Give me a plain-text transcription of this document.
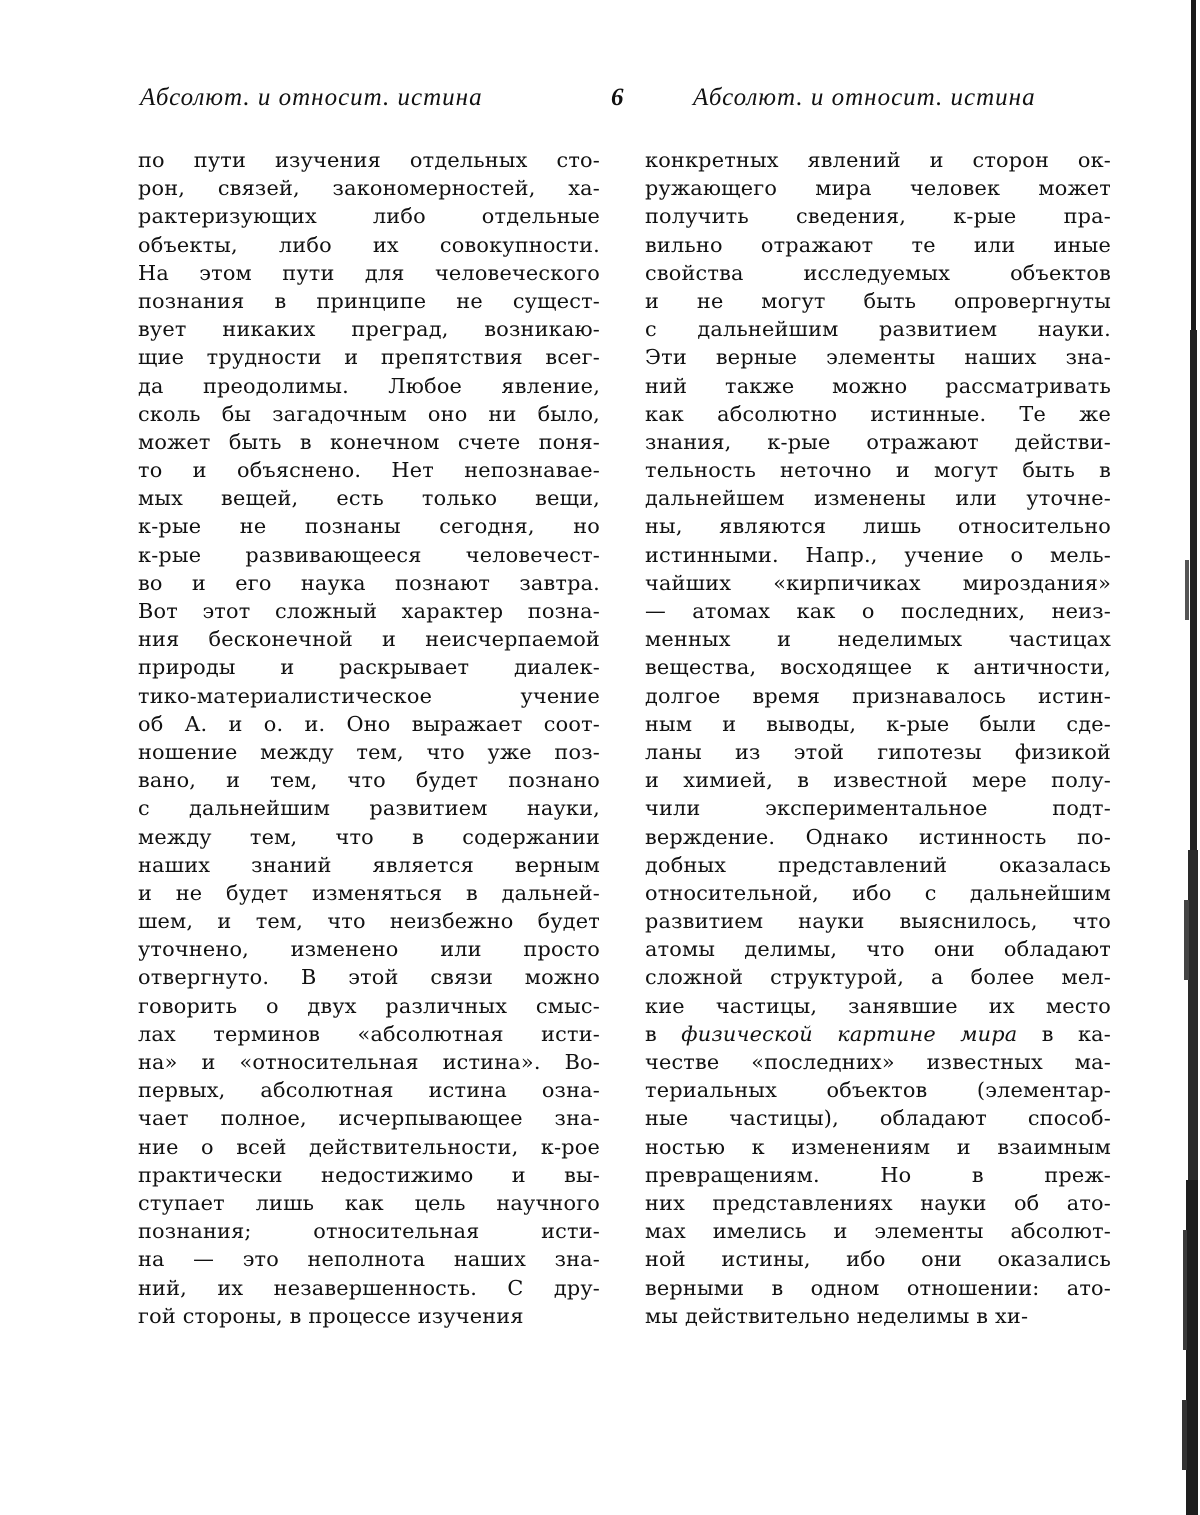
Абсолют. и относит. истина	6	Абсолют. и относит. истина
по пути изучения отдельных сто-
рон, связей, закономерностей, ха-
рактеризующих либо отдельные
объекты, либо их совокупности.
На этом пути для человеческого
познания в принципе не сущест-
вует никаких преград, возникаю-
щие трудности и препятствия всег-
да преодолимы. Любое явление,
сколь бы загадочным оно ни было,
может быть в конечном счете поня-
то и объяснено. Нет непознавае-
мых вещей, есть только вещи,
к-рые не познаны сегодня, но
к-рые развивающееся человечест-
во и его наука познают завтра.
Вот этот сложный характер позна-
ния бесконечной и неисчерпаемой
природы и раскрывает диалек-
тико-материалистическое учение
об А. и о. и. Оно выражает соот-
ношение между тем, что уже поз-
вано, и тем, что будет познано
с дальнейшим развитием науки,
между тем, что в содержании
наших знаний является верным
и не будет изменяться в дальней-
шем, и тем, что неизбежно будет
уточнено, изменено или просто
отвергнуто. В этой связи можно
говорить о двух различных смыс-
лах терминов «абсолютная исти-
на» и «относительная истина». Во-
первых, абсолютная истина озна-
чает полное, исчерпывающее зна-
ние о всей действительности, к-рое
практически недостижимо и вы-
ступает лишь как цель научного
познания; относительная исти-
на — это неполнота наших зна-
ний, их незавершенность. С дру-
гой стороны, в процессе изучения
конкретных явлений и сторон ок-
ружающего мира человек может
получить сведения, к-рые пра-
вильно отражают те или иные
свойства исследуемых объектов
и не могут быть опровергнуты
с дальнейшим развитием науки.
Эти верные элементы наших зна-
ний также можно рассматривать
как абсолютно истинные. Те же
знания, к-рые отражают действи-
тельность неточно и могут быть в
дальнейшем изменены или уточне-
ны, являются лишь относительно
истинными. Напр., учение о мель-
чайших «кирпичиках мироздания»
— атомах как о последних, неиз-
менных и неделимых частицах
вещества, восходящее к античности,
долгое время признавалось истин-
ным и выводы, к-рые были сде-
ланы из этой гипотезы физикой
и химией, в известной мере полу-
чили экспериментальное подт-
верждение. Однако истинность по-
добных представлений оказалась
относительной, ибо с дальнейшим
развитием науки выяснилось, что
атомы делимы, что они обладают
сложной структурой, а более мел-
кие частицы, занявшие их место
в физической картине мира в ка-
честве «последних» известных ма-
териальных объектов (элементар-
ные частицы), обладают способ-
ностью к изменениям и взаимным
превращениям. Но в преж-
них представлениях науки об ато-
мах имелись и элементы абсолют-
ной истины, ибо они оказались
верными в одном отношении: ато-
мы действительно неделимы в хи-
